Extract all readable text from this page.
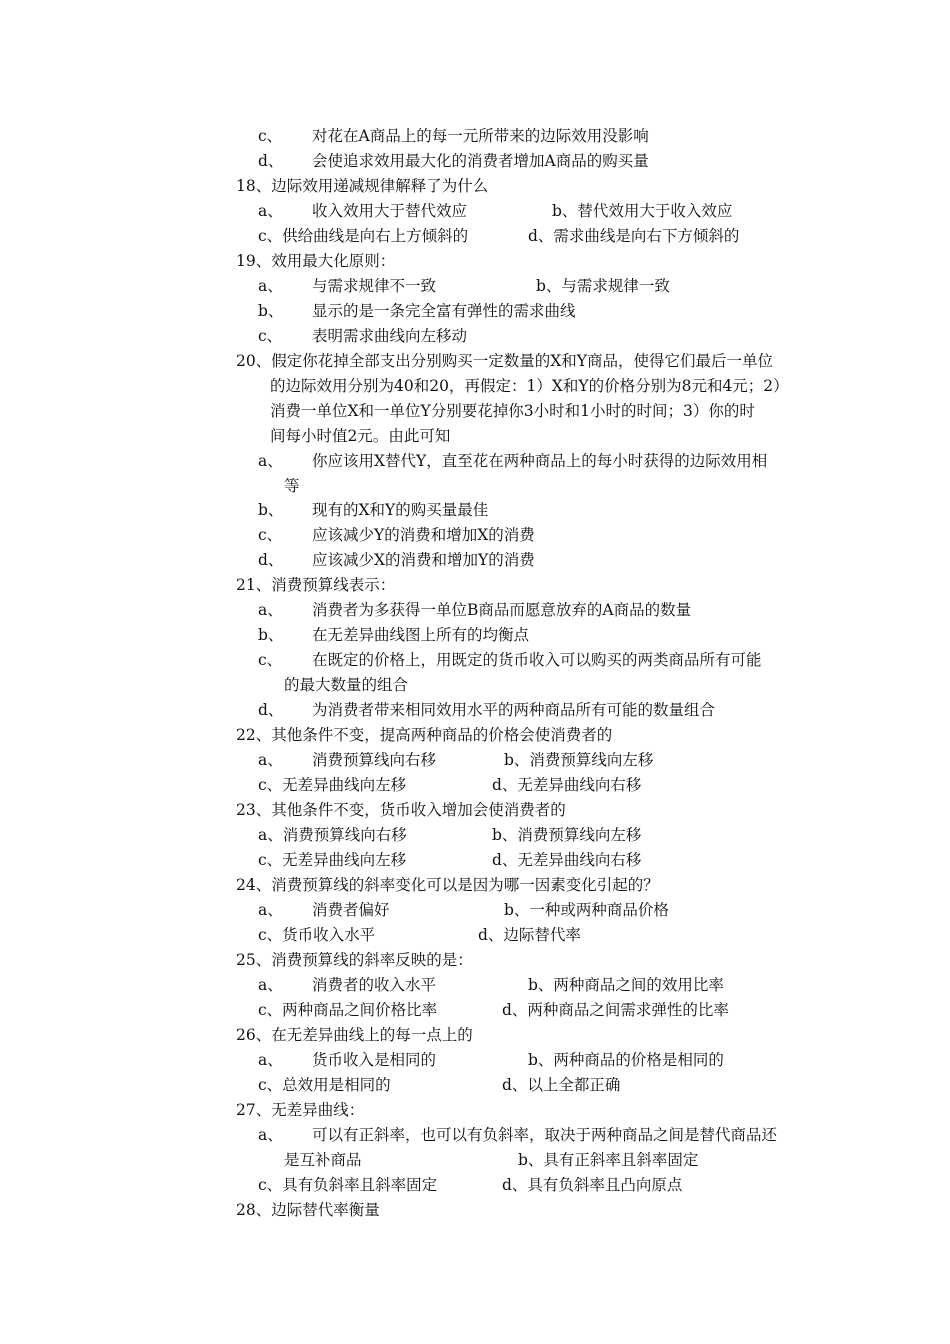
c、 对花在A商品上的每一元所带来的边际效用没影响
d、 会使追求效用最大化的消费者增加A商品的购买量
18、边际效用递减规律解释了为什么
a、 收入效用大于替代效应	b、替代效用大于收入效应
c、供给曲线是向右上方倾斜的	d、需求曲线是向右下方倾斜的
19、效用最大化原则：
a、 与需求规律不一致	b、与需求规律一致
b、 显示的是一条完全富有弹性的需求曲线
c、 表明需求曲线向左移动
20、假定你花掉全部支出分别购买一定数量的X和Y商品，使得它们最后一单位
的边际效用分别为40和20，再假定：1）X和Y的价格分别为8元和4元；2）
消费一单位X和一单位Y分别要花掉你3小时和1小时的时间；3）你的时
间每小时值2元。由此可知
a、 你应该用X替代Y，直至花在两种商品上的每小时获得的边际效用相
等
b、 现有的X和Y的购买量最佳
c、 应该减少Y的消费和增加X的消费
d、 应该减少X的消费和增加Y的消费
21、消费预算线表示：
a、 消费者为多获得一单位B商品而愿意放弃的A商品的数量
b、 在无差异曲线图上所有的均衡点
c、 在既定的价格上，用既定的货币收入可以购买的两类商品所有可能
的最大数量的组合
d、 为消费者带来相同效用水平的两种商品所有可能的数量组合
22、其他条件不变，提高两种商品的价格会使消费者的
a、 消费预算线向右移	b、消费预算线向左移
c、无差异曲线向左移	d、无差异曲线向右移
23、其他条件不变，货币收入增加会使消费者的
a、消费预算线向右移	b、消费预算线向左移
c、无差异曲线向左移	d、无差异曲线向右移
24、消费预算线的斜率变化可以是因为哪一因素变化引起的？
a、 消费者偏好	b、一种或两种商品价格
c、货币收入水平	d、边际替代率
25、消费预算线的斜率反映的是：
a、 消费者的收入水平	b、两种商品之间的效用比率
c、两种商品之间价格比率	d、两种商品之间需求弹性的比率
26、在无差异曲线上的每一点上的
a、 货币收入是相同的	b、两种商品的价格是相同的
c、总效用是相同的	d、以上全都正确
27、无差异曲线：
a、 可以有正斜率，也可以有负斜率，取决于两种商品之间是替代商品还
是互补商品	b、具有正斜率且斜率固定
c、具有负斜率且斜率固定	d、具有负斜率且凸向原点
28、边际替代率衡量
